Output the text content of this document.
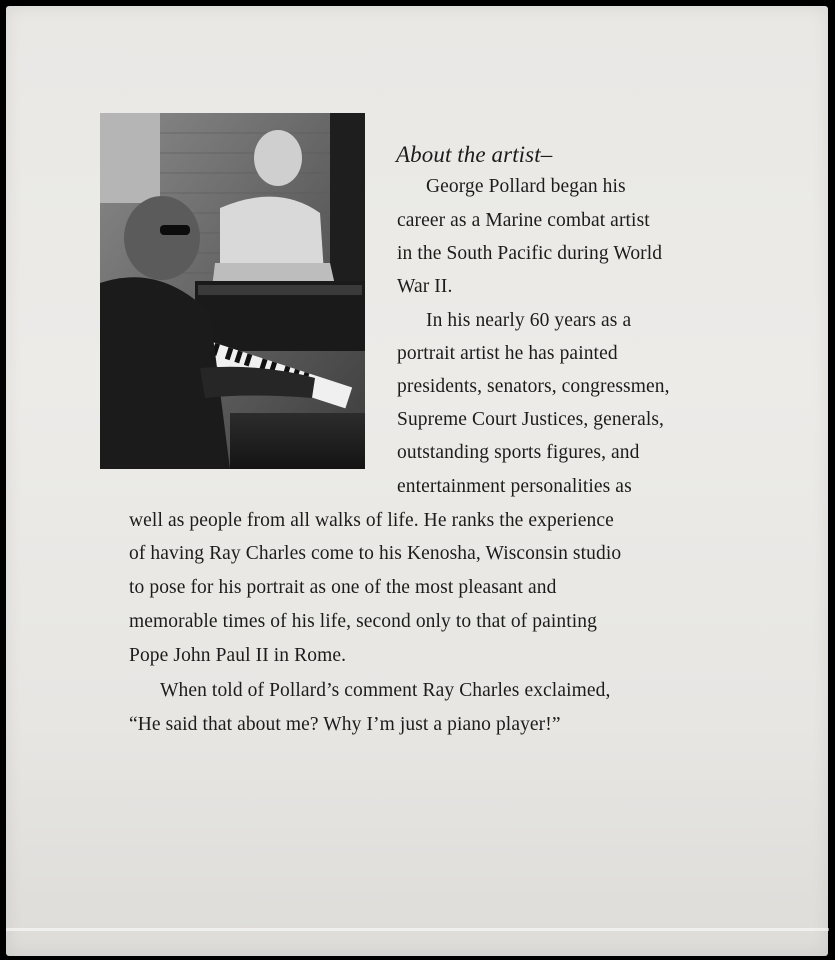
About the artist–
George Pollard began his
career as a Marine combat artist
in the South Pacific during World
War II.
In his nearly 60 years as a
portrait artist he has painted
presidents, senators, congressmen,
Supreme Court Justices, generals,
outstanding sports figures, and
entertainment personalities as
well as people from all walks of life. He ranks the experience
of having Ray Charles come to his Kenosha, Wisconsin studio
to pose for his portrait as one of the most pleasant and
memorable times of his life, second only to that of painting
Pope John Paul II in Rome.
When told of Pollard’s comment Ray Charles exclaimed,
“He said that about me? Why I’m just a piano player!”
